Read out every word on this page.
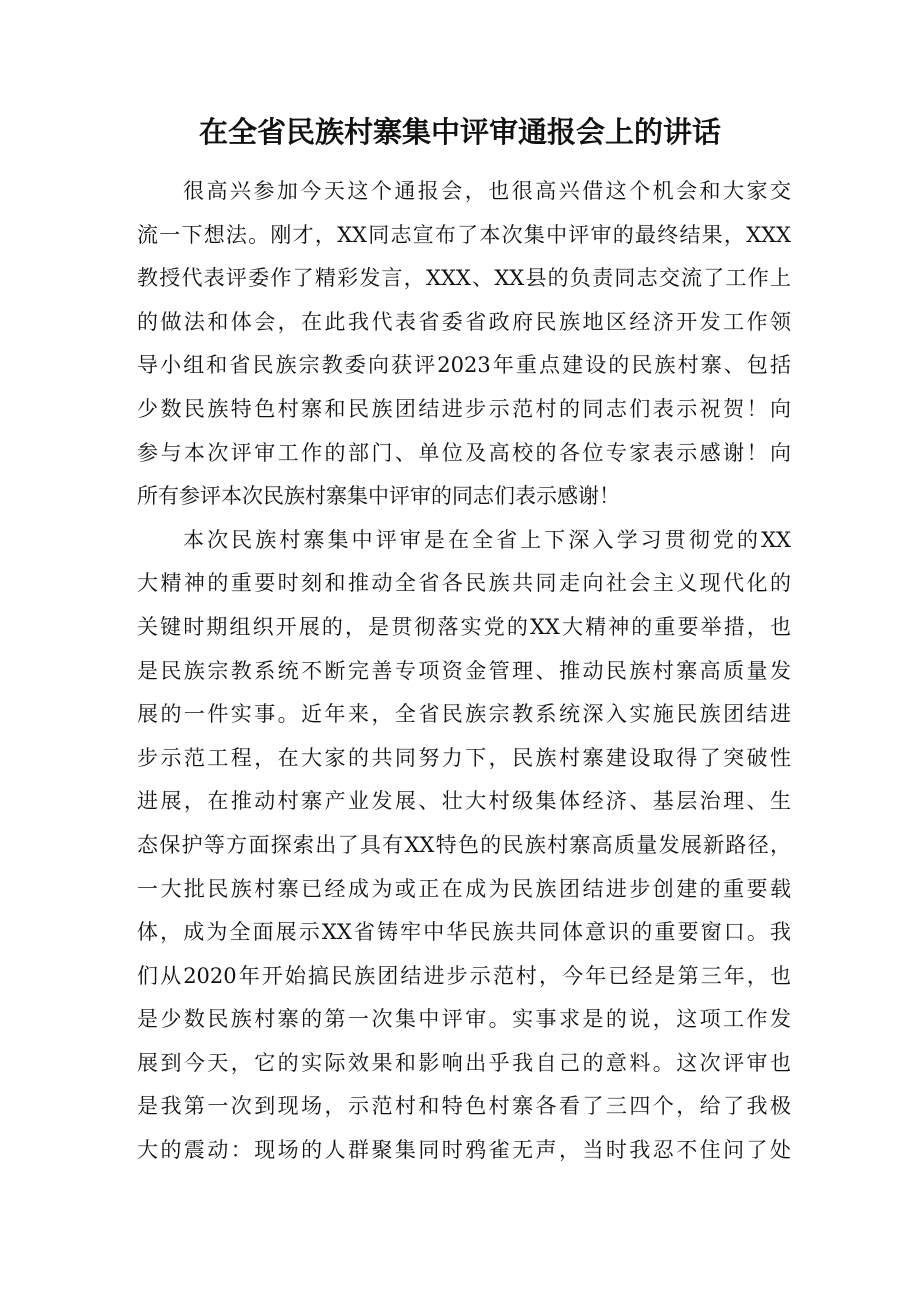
在全省民族村寨集中评审通报会上的讲话

很高兴参加今天这个通报会，也很高兴借这个机会和大家交
流一下想法。刚才，XX同志宣布了本次集中评审的最终结果，XXX
教授代表评委作了精彩发言，XXX、XX县的负责同志交流了工作上
的做法和体会，在此我代表省委省政府民族地区经济开发工作领
导小组和省民族宗教委向获评2023年重点建设的民族村寨、包括
少数民族特色村寨和民族团结进步示范村的同志们表示祝贺！向
参与本次评审工作的部门、单位及高校的各位专家表示感谢！向
所有参评本次民族村寨集中评审的同志们表示感谢！

本次民族村寨集中评审是在全省上下深入学习贯彻党的XX
大精神的重要时刻和推动全省各民族共同走向社会主义现代化的
关键时期组织开展的，是贯彻落实党的XX大精神的重要举措，也
是民族宗教系统不断完善专项资金管理、推动民族村寨高质量发
展的一件实事。近年来，全省民族宗教系统深入实施民族团结进
步示范工程，在大家的共同努力下，民族村寨建设取得了突破性
进展，在推动村寨产业发展、壮大村级集体经济、基层治理、生
态保护等方面探索出了具有XX特色的民族村寨高质量发展新路径，
一大批民族村寨已经成为或正在成为民族团结进步创建的重要载
体，成为全面展示XX省铸牢中华民族共同体意识的重要窗口。我
们从2020年开始搞民族团结进步示范村，今年已经是第三年，也
是少数民族村寨的第一次集中评审。实事求是的说，这项工作发
展到今天，它的实际效果和影响出乎我自己的意料。这次评审也
是我第一次到现场，示范村和特色村寨各看了三四个，给了我极
大的震动：现场的人群聚集同时鸦雀无声，当时我忍不住问了处
